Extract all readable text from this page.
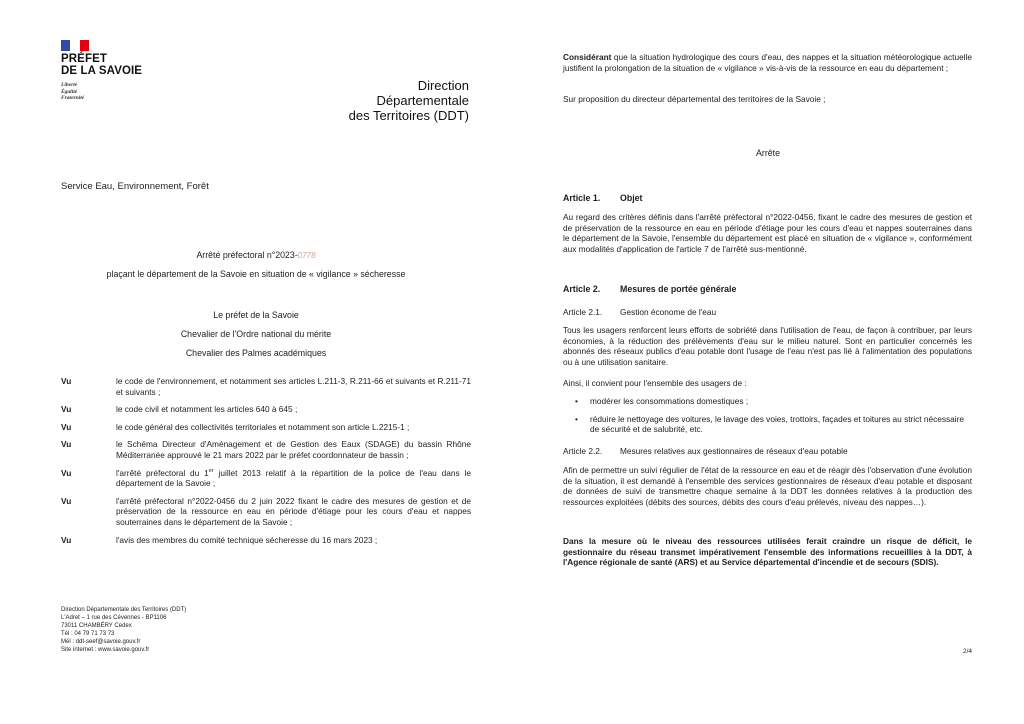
PRÉFET
DE LA SAVOIE
Liberté
Égalité
Fraternité
Direction
Départementale
des Territoires (DDT)
Service Eau, Environnement, Forêt
Arrêté préfectoral n°2023-0778
plaçant le département de la Savoie en situation de « vigilance » sécheresse
Le préfet de la Savoie
Chevalier de l'Ordre national du mérite
Chevalier des Palmes académiques
Vu	le code de l'environnement, et notamment ses articles L.211-3, R.211-66 et suivants et R.211-71 et suivants ;
Vu	le code civil et notamment les articles 640 à 645 ;
Vu	le code général des collectivités territoriales et notamment son article L.2215-1 ;
Vu	le Schéma Directeur d'Aménagement et de Gestion des Eaux (SDAGE) du bassin Rhône Méditerranée approuvé le 21 mars 2022 par le préfet coordonnateur de bassin ;
Vu	l'arrêté préfectoral du 1er juillet 2013 relatif à la répartition de la police de l'eau dans le département de la Savoie ;
Vu	l'arrêté préfectoral n°2022-0456 du 2 juin 2022 fixant le cadre des mesures de gestion et de préservation de la ressource en eau en période d'étiage pour les cours d'eau et nappes souterraines dans le département de la Savoie ;
Vu	l'avis des membres du comité technique sécheresse du 16 mars 2023 ;
Direction Départementale des Territoires (DDT)
L'Adret – 1 rue des Cévennes - BP1106
73011 CHAMBÉRY Cedex
Tél : 04 79 71 73 73
Mél : ddt-seef@savoie.gouv.fr
Site internet : www.savoie.gouv.fr
Considérant que la situation hydrologique des cours d'eau, des nappes et la situation météorologique actuelle justifient la prolongation de la situation de « vigilance » vis-à-vis de la ressource en eau du département ;
Sur proposition du directeur départemental des territoires de la Savoie ;
Arrête
Article 1. Objet
Au regard des critères définis dans l'arrêté préfectoral n°2022-0456, fixant le cadre des mesures de gestion et de préservation de la ressource en eau en période d'étiage pour les cours d'eau et nappes souterraines dans le département de la Savoie, l'ensemble du département est placé en situation de « vigilance », conformément aux modalités d'application de l'article 7 de l'arrêté sus-mentionné.
Article 2. Mesures de portée générale
Article 2.1. Gestion économe de l'eau
Tous les usagers renforcent leurs efforts de sobriété dans l'utilisation de l'eau, de façon à contribuer, par leurs économies, à la réduction des prélèvements d'eau sur le milieu naturel. Sont en particulier concernés les abonnés des réseaux publics d'eau potable dont l'usage de l'eau n'est pas lié à l'alimentation des populations ou à une utilisation sanitaire.
Ainsi, il convient pour l'ensemble des usagers de :
• modérer les consommations domestiques ;
• réduire le nettoyage des voitures, le lavage des voies, trottoirs, façades et toitures au strict nécessaire de sécurité et de salubrité, etc.
Article 2.2. Mesures relatives aux gestionnaires de réseaux d'eau potable
Afin de permettre un suivi régulier de l'état de la ressource en eau et de réagir dès l'observation d'une évolution de la situation, il est demandé à l'ensemble des services gestionnaires de réseaux d'eau potable et disposant de données de suivi de transmettre chaque semaine à la DDT les données relatives à la production des ressources exploitées (débits des sources, débits des cours d'eau prélevés, niveau des nappes…).
Dans la mesure où le niveau des ressources utilisées ferait craindre un risque de déficit, le gestionnaire du réseau transmet impérativement l'ensemble des informations recueillies à la DDT, à l'Agence régionale de santé (ARS) et au Service départemental d'incendie et de secours (SDIS).
2/4
